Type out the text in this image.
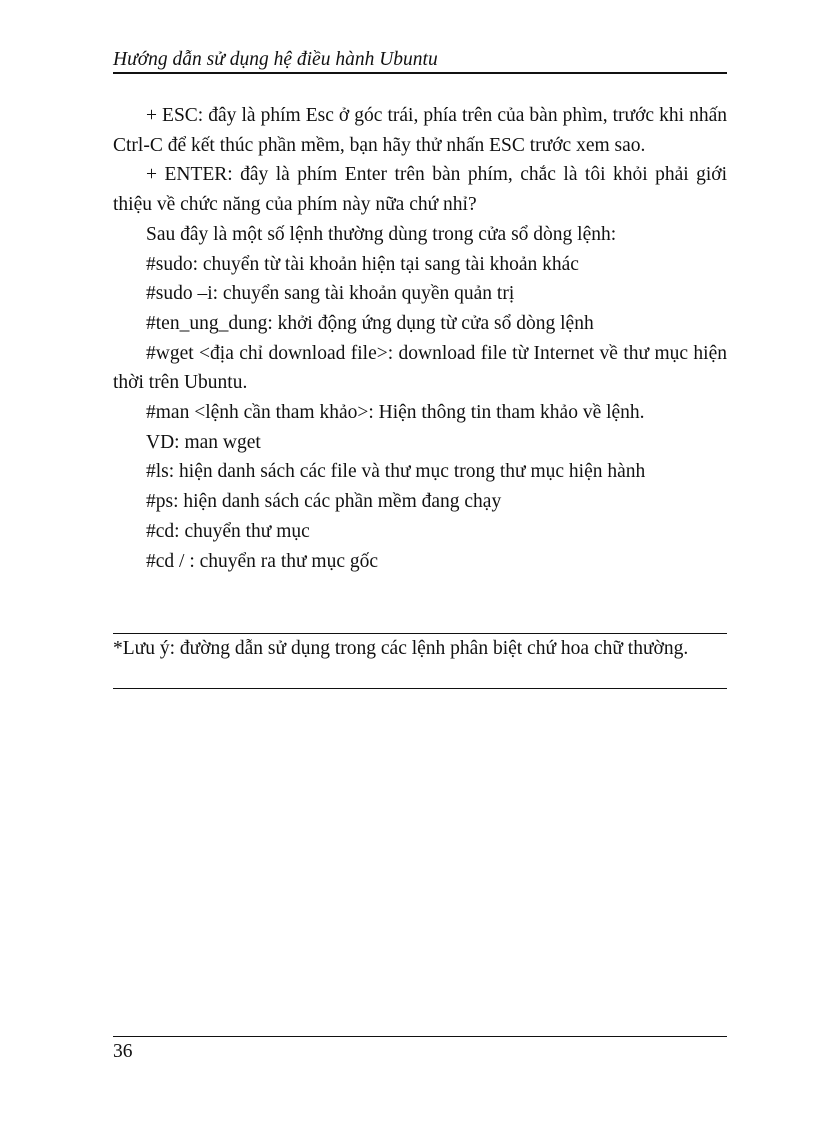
Hướng dẫn sử dụng hệ điều hành Ubuntu

+ ESC: đây là phím Esc ở góc trái, phía trên của bàn phìm, trước khi nhấn Ctrl-C để kết thúc phần mềm, bạn hãy thử nhấn ESC trước xem sao.

+ ENTER: đây là phím Enter trên bàn phím, chắc là tôi khỏi phải giới thiệu về chức năng của phím này nữa chứ nhỉ?

Sau đây là một số lệnh thường dùng trong cửa sổ dòng lệnh:

#sudo: chuyển từ tài khoản hiện tại sang tài khoản khác

#sudo –i: chuyển sang tài khoản quyền quản trị

#ten_ung_dung: khởi động ứng dụng từ cửa sổ dòng lệnh

#wget <địa chỉ download file>: download file từ Internet về thư mục hiện thời trên Ubuntu.

#man <lệnh cần tham khảo>: Hiện thông tin tham khảo về lệnh.

VD: man wget

#ls: hiện danh sách các file và thư mục trong thư mục hiện hành

#ps: hiện danh sách các phần mềm đang chạy

#cd: chuyển thư mục

#cd / : chuyển ra thư mục gốc

*Lưu ý: đường dẫn sử dụng trong các lệnh phân biệt chứ hoa chữ thường.
36
